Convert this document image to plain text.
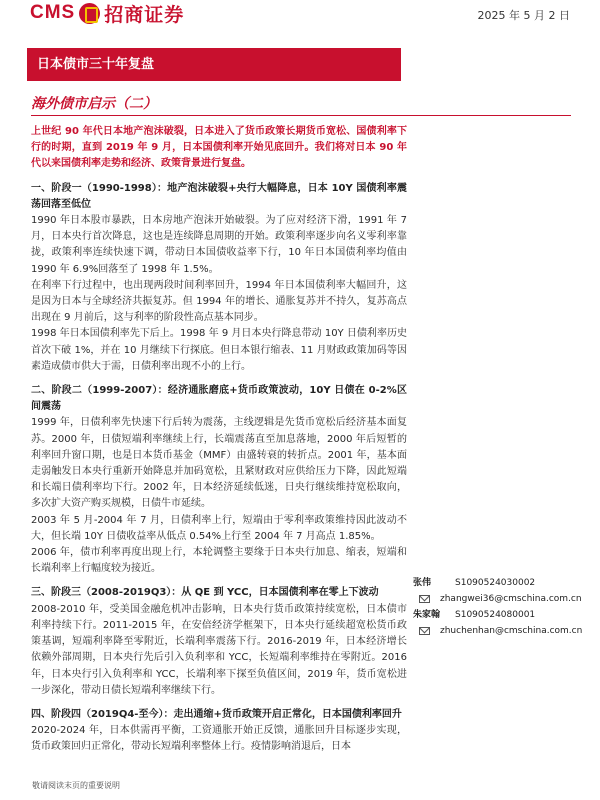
CMS 招商证券	2025 年 5 月 2 日
日本债市三十年复盘
海外债市启示（二）

上世纪 90 年代日本地产泡沫破裂，日本进入了货币政策长期货币宽松、国债利率下行的时期，直到 2019 年 9 月，日本国债利率开始见底回升。我们将对日本 90 年代以来国债利率走势和经济、政策背景进行复盘。

一、阶段一（1990-1998）：地产泡沫破裂+央行大幅降息，日本 10Y 国债利率震荡回落至低位

1990 年日本股市暴跌，日本房地产泡沫开始破裂。为了应对经济下滑，1991 年 7 月，日本央行首次降息，这也是连续降息周期的开始。政策利率逐步向名义零利率靠拢，政策利率连续快速下调，带动日本国债收益率下行，10 年日本国债利率均值由 1990 年 6.9%回落至了 1998 年 1.5%。

在利率下行过程中，也出现两段时间利率回升，1994 年日本国债利率大幅回升，这是因为日本与全球经济共振复苏。但 1994 年的增长、通胀复苏并不持久，复苏高点出现在 9 月前后，这与利率的阶段性高点基本同步。

1998 年日本国债利率先下后上。1998 年 9 月日本央行降息带动 10Y 日债利率历史首次下破 1%，并在 10 月继续下行探底。但日本银行缩表、11 月财政政策加码等因素造成债市供大于需，日债利率出现不小的上行。

二、阶段二（1999-2007）：经济通胀磨底+货币政策波动，10Y 日债在 0-2%区间震荡

1999 年，日债利率先快速下行后转为震荡，主线逻辑是先货币宽松后经济基本面复苏。2000 年，日债短端利率继续上行，长端震荡直至加息落地，2000 年后短暂的利率回升窗口期，也是日本货币基金（MMF）由盛转衰的转折点。2001 年，基本面走弱触发日本央行重新开始降息并加码宽松，且紧财政对应供给压力下降，因此短端和长端日债利率均下行。2002 年，日本经济延续低迷，日央行继续维持宽松取向，多次扩大资产购买规模，日债牛市延续。

2003 年 5 月-2004 年 7 月，日债利率上行，短端由于零利率政策维持因此波动不大，但长端 10Y 日债收益率从低点 0.54%上行至 2004 年 7 月高点 1.85%。

2006 年，债市利率再度出现上行，本轮调整主要缘于日本央行加息、缩表，短端和长端利率上行幅度较为接近。

三、阶段三（2008-2019Q3）：从 QE 到 YCC，日本国债利率在零上下波动

2008-2010 年，受美国金融危机冲击影响，日本央行货币政策持续宽松，日本债市利率持续下行。2011-2015 年，在安倍经济学框架下，日本央行延续超宽松货币政策基调，短端利率降至零附近，长端利率震荡下行。2016-2019 年，日本经济增长依赖外部周期，日本央行先后引入负利率和 YCC，长短端利率维持在零附近。2016 年，日本央行引入负利率和 YCC，长端利率下探至负值区间，2019 年，货币宽松进一步深化，带动日债长短端利率继续下行。

四、阶段四（2019Q4-至今）：走出通缩+货币政策开启正常化，日本国债利率回升

2020-2024 年，日本供需再平衡，工资通胀开始正反馈，通胀回升目标逐步实现，货币政策回归正常化，带动长短端利率整体上行。疫情影响消退后，日本

张伟	S1090524030002
zhangwei36@cmschina.com.cn
朱家翰	S1090524080001
zhuchenhan@cmschina.com.cn
敬请阅读末页的重要说明
